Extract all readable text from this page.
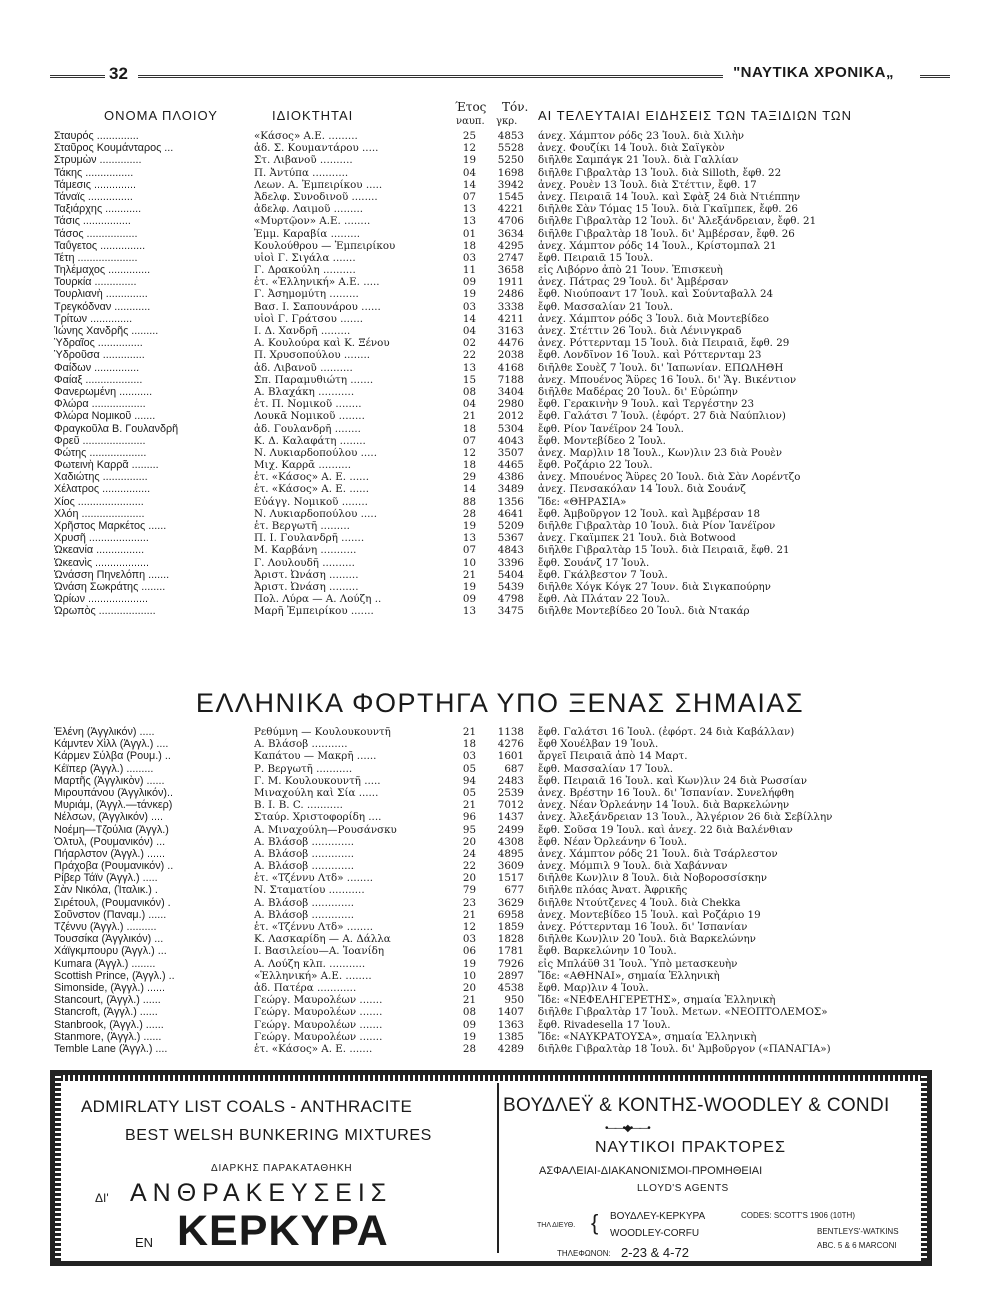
32	"ΝΑΥΤΙΚΑ ΧΡΟΝΙΚΑ„
ΟΝΟΜΑ ΠΛΟΙΟΥ	ΙΔΙΟΚΤΗΤΑΙ
Έτος Τόν.
ναυπ. γκρ. ΑΙ ΤΕΛΕΥΤΑΙΑΙ ΕΙΔΗΣΕΙΣ ΤΩΝ ΤΑΞΙΔΙΩΝ ΤΩΝ
Σταυρός ..............	«Κάσος» Α.Ε. .........	25	4853 άνεχ. Χάμπτον ρόδς 23 Ἰουλ. διὰ Χιλὴν
Σταῦρος Κουμάνταρος ...	ἀδ. Σ. Κουμαντάρου .....	12	5528 ἀνεχ. Φουζίκι 14 Ἰουλ. διὰ Σαϊγκὸν
Στρυμὼν ..............	Στ. Λιβανοῦ ..........	19	5250 διῆλθε Σαμπάγκ 21 Ἰουλ. διὰ Γαλλίαν
Τάκης ................	Π. Ἀντύπα ...........	04	1698 διῆλθε Γιβραλτὰρ 13 Ἰουλ. διὰ Silloth, ἔφθ. 22
Τάμεσις ..............	Λεων. Α. Ἐμπειρίκου .....	14	3942 ἀνεχ. Ρουὲν 13 Ἰουλ. διὰ Στέττιν, ἔφθ. 17
Τάναϊς ...............	Ἀδελφ. Συνοδινοῦ ........	07	1545 ἀνεχ. Πειραιᾶ 14 Ἰουλ. καὶ Σφὰξ 24 διὰ Ντιέππην
Ταξιάρχης ............	ἀδελφ. Λαιμοῦ .........	13	4221 διῆλθε Σὰν Τόμας 15 Ἰουλ. διὰ Γκαϊμπεκ, ἔφθ. 26
Τάσις ................	«Μυρτῷον» Α.Ε. ........	13	4706 διῆλθε Γιβραλτὰρ 12 Ἰουλ. δι' Ἀλεξάνδρειαν, ἔφθ. 21
Τάσος .................	Ἐμμ. Καραβία .........	01	3634 διῆλθε Γιβραλτὰρ 18 Ἰουλ. δι' Ἀμβέρσαν, ἔφθ. 26
Ταΰγετος ...............	Κουλούθρου — Ἐμπειρίκου	18	4295 ἀνεχ. Χάμπτον ρόδς 14 Ἰουλ., Κρίστομπαλ 21
Τέτη ....................	υἱοὶ Γ. Σιγάλα .......	03	2747 ἔφθ. Πειραιᾶ 15 Ἰουλ.
Τηλέμαχος ..............	Γ. Δρακούλη ..........	11	3658 εἰς Λιβόρνο ἀπὸ 21 Ἰουν. Ἐπισκευὴ
Τουρκία ..............	ἑτ. «Ἑλληνική» Α.Ε. .....	09	1911 ἀνεχ. Πάτρας 29 Ἰουλ. δι' Ἀμβέρσαν
Τουρλιανὴ ..............	Γ. Ἀσημομύτη .........	19	2486 ἔφθ. Νιούποαντ 17 Ἰουλ. καὶ Σούνταβαλλ 24
Τρεγκόδναν ............	Βασ. Ι. Σαπουνάρου ......	03	3338 ἔφθ. Μασσαλίαν 21 Ἰουλ.
Τρίτων ..............	υἱοὶ Γ. Γράτσου .......	14	4211 ἀνεχ. Χάμπτον ρόδς 3 Ἰουλ. διὰ Μοντεβίδεο
Ἰώνης Χανδρῆς .........	Ι. Δ. Χανδρῆ .........	04	3163 ἀνεχ. Στέττιν 26 Ἰουλ. διὰ Λένινγκραδ
Ὑδραῖος ...............	Α. Κουλούρα καὶ Κ. Ξένου	02	4476 ἀνεχ. Ρόττερνταμ 15 Ἰουλ. διὰ Πειραιᾶ, ἔφθ. 29
Ὑδροῦσα ..............	Π. Χρυσοπούλου ........	22	2038 ἔφθ. Λονδῖνον 16 Ἰουλ. καὶ Ρόττερνταμ 23
Φαίδων ...............	ἀδ. Λιβανοῦ ..........	13	4168 διῆλθε Σουὲζ 7 Ἰουλ. δι' Ἰαπωνίαν. ΕΠΩΛΗΘΗ
Φαίαξ ...................	Σπ. Παραμυθιώτη .......	15	7188 ἀνεχ. Μπουένος Ἄϋρες 16 Ἰουλ. δι' Ἅγ. Βικέντιον
Φανερωμένη ...........	Α. Βλαχάκη ...........	08	3404 διῆλθε Μαδέρας 20 Ἰουλ. δι' Εὐρώπην
Φλώρα ..................	ἑτ. Π. Νομικοῦ ........	04	2980 ἔφθ. Γερακινὴν 9 Ἰουλ. καὶ Τεργέστην 23
Φλώρα Νομικοῦ .......	Λουκᾶ Νομικοῦ ........	21	2012 ἔφθ. Γαλάτσι 7 Ἰουλ. (ἐφόρτ. 27 διὰ Ναύπλιον)
Φραγκοῦλα Β. Γουλανδρῆ	ἀδ. Γουλανδρῆ ........	18	5304 ἔφθ. Ρίον Ἰανέϊρον 24 Ἰουλ.
Φρεῦ .....................	Κ. Δ. Καλαφάτη ........	07	4043 ἔφθ. Μοντεβίδεο 2 Ἰουλ.
Φώτης ...................	Ν. Λυκιαρδοπούλου .....	12	3507 ἀνεχ. Μαρ)λιν 18 Ἰουλ., Κων)λιν 23 διὰ Ρουὲν
Φωτεινὴ Καρρᾶ .........	Μιχ. Καρρᾶ ..........	18	4465 ἔφθ. Ροζάριο 22 Ἰουλ.
Χαδιώτης ...............	ἑτ. «Κάσος» Α. Ε. ......	29	4386 ἀνεχ. Μπουένος Ἄϋρες 20 Ἰουλ. διὰ Σὰν Λορέντζο
Χέλατρος ................	ἑτ. «Κάσος» Α. Ε. ......	14	3489 ἀνεχ. Πενσακόλαν 14 Ἰουλ. διὰ Σουάνζ
Χίος ......................	Εὐάγγ. Νομικοῦ ........	88	1356 Ἴδε: «ΘΗΡΑΣΙΑ»
Χλόη .....................	Ν. Λυκιαρδοπούλου .....	28	4641 ἔφθ. Ἀμβοῦργον 12 Ἰουλ. καὶ Ἀμβέρσαν 18
Χρῆστος Μαρκέτος ......	ἑτ. Βεργωτῆ .........	19	5209 διῆλθε Γιβραλτὰρ 10 Ἰουλ. διὰ Ρίον Ἰανέϊρον
Χρυσῆ ....................	Π. Ι. Γουλανδρῆ .......	13	5367 ἀνεχ. Γκαϊμπεκ 21 Ἰουλ. διὰ Botwood
Ὠκεανία ................	Μ. Καρβάνη ...........	07	4843 διῆλθε Γιβραλτὰρ 15 Ἰουλ. διὰ Πειραιᾶ, ἔφθ. 21
Ὠκεανὶς ..................	Γ. Λουλουδῆ ..........	10	3396 ἔφθ. Σουάνζ 17 Ἰουλ.
Ὠνάσση Πηνελόπη .......	Ἀριστ. Ὠνάση .........	21	5404 ἔφθ. Γκάλβεστον 7 Ἰουλ.
Ὠνάση Σωκράτης ........	Ἀριστ. Ὠνάση .........	19	5439 διῆλθε Χόγκ Κόγκ 27 Ἰουν. διὰ Σιγκαπούρην
Ὠρίων ....................	Πολ. Λύρα — Α. Λούζη ..	09	4798 ἔφθ. Λὰ Πλάταν 22 Ἰουλ.
Ὠρωπὸς ...................	Μαρῆ Ἐμπειρίκου .......	13	3475 διῆλθε Μοντεβίδεο 20 Ἰουλ. διὰ Ντακάρ
ΕΛΛΗΝΙΚΑ ΦΟΡΤΗΓΑ ΥΠΟ ΞΕΝΑΣ ΣΗΜΑΙΑΣ
Ἐλένη (Ἀγγλικόν) .....	Ρεθύμνη — Κουλουκουντῆ	21	1138 ἔφθ. Γαλάτσι 16 Ἰουλ. (ἐφόρτ. 24 διὰ Καβάλλαν)
Κάμντεν Χὶλλ (Ἀγγλ.) ....	Α. Βλάσοβ ...........	18	4276 ἔφθ Χουέλβαν 19 Ἰουλ.
Κάρμεν Σύλβα (Ρουμ.) ..	Καπάτου — Μακρῆ ......	03	1601 ἄργεῖ Πειραιᾶ ἀπὸ 14 Μαρτ.
Κέϊπερ (Ἀγγλ.) .........	Ρ. Βεργωτῆ ...........	05	687 ἔφθ. Μασσαλίαν 17 Ἰουλ.
Μαρτῆς (Ἀγγλικὸν) ......	Γ. Μ. Κουλουκουντῆ .....	94	2483 ἔφθ. Πειραιᾶ 16 Ἰουλ. καὶ Κων)λιν 24 διὰ Ρωσσίαν
Μιρουπάνου (Ἀγγλικόν)..	Μιναχούλη καὶ Σία ......	05	2539 ἀνεχ. Βρέστην 16 Ἰουλ. δι' Ἰσπανίαν. Συνελήφθη
Μυριάμ, (Ἀγγλ.—τάνκερ)	Β. Ι. Β. C. ...........	21	7012 ἀνεχ. Νέαν Ὀρλεάνην 14 Ἰουλ. διὰ Βαρκελώνην
Νέλσων, (Ἀγγλικόν) ....	Σταύρ. Χριστοφορίδη ....	96	1437 ἀνεχ. Ἀλεξάνδρειαν 13 Ἰουλ., Ἀλγέριον 26 διὰ Σεβίλλην
Νοέμη—Τζούλια (Ἀγγλ.)	Α. Μιναχούλη—Ρουσάνσκυ	95	2499 ἔφθ. Σοῦσα 19 Ἰουλ. καὶ ἀνεχ. 22 διὰ Βαλένθιαν
Ὀλτυλ, (Ρουμανικόν) ...	Α. Βλάσοβ .............	20	4308 ἔφθ. Νέαν Ὀρλεάνην 6 Ἰουλ.
Πήαρλστον (Ἀγγλ.) ......	Α. Βλάσοβ .............	24	4895 ἀνεχ. Χάμπτον ρόδς 21 Ἰουλ. διὰ Τσάρλεστον
Πράχοβα (Ρουμανικόν) ..	Α. Βλάσοβ .............	22	3609 ἀνεχ. Μόμπιλ 9 Ἰουλ. διὰ Χαβάνναν
Ρίβερ Τάϊν (Ἀγγλ.) .....	ἑτ. «Τζέννυ Λτδ» ........	20	1517 διῆλθε Κων)λιν 8 Ἰουλ. διὰ Νοβοροσσίσκην
Σὰν Νικόλα, (Ἰταλικ.) .	Ν. Σταματίου ...........	79	677 διῆλθε πλόας Ἀνατ. Ἀφρικῆς
Σιρέτουλ, (Ρουμανικόν) .	Α. Βλάσοβ .............	23	3629 διῆλθε Ντούτζενες 4 Ἰουλ. διὰ Chekka
Σοῦνστον (Παναμ.) ......	Α. Βλάσοβ .............	21	6958 ἀνεχ. Μοντεβίδεο 15 Ἰουλ. καὶ Ροζάριο 19
Τζέννυ (Ἀγγλ.) ..........	ἑτ. «Τζέννυ Λτδ» ........	12	1859 ἀνεχ. Ρόττερνταμ 16 Ἰουλ. δι' Ἰσπανίαν
Τουσσίκα (Ἀγγλικόν) ...	Κ. Λασκαρίδη — Α. Δάλλα	03	1828 διῆλθε Κων)λιν 20 Ἰουλ. διὰ Βαρκελώνην
Χάϊγκμπουρυ (Ἀγγλ.) ...	Ι. Βασιλείου—Α. Ἰοανίδη	06	1781 ἔφθ. Βαρκελώνην 10 Ἰουλ.
Kumara (Ἀγγλ.) ........	Α. Λούζη κλπ. ...........	19	7926 εἰς Μπλάϋθ 31 Ἰουλ. Ὑπὸ μετασκευὴν
Scottish Prince, (Ἀγγλ.) ..	«Ἑλληνική» Α.Ε. ........	10	2897 Ἴδε: «ΑΘΗΝΑΙ», σημαία Ἑλληνικὴ
Simonside, (Ἀγγλ.) ......	ἀδ. Πατέρα ............	20	4538 ἔφθ. Μαρ)λιν 4 Ἰουλ.
Stancourt, (Ἀγγλ.) ......	Γεώργ. Μαυρολέων .......	21	950 Ἴδε: «ΝΕΦΕΛΗΓΕΡΕΤΗΣ», σημαία Ἑλληνικὴ
Stancroft, (Ἀγγλ.) ......	Γεώργ. Μαυρολέων .......	08	1407 διῆλθε Γιβραλτὰρ 17 Ἰουλ. Μετων. «ΝΕΟΠΤΟΛΕΜΟΣ»
Stanbrook, (Ἀγγλ.) ......	Γεώργ. Μαυρολέων .......	09	1363 ἔφθ. Rivadesella 17 Ἰουλ.
Stanmore, (Ἀγγλ.) ......	Γεώργ. Μαυρολέων .......	19	1385 Ἴδε: «ΝΑΥΚΡΑΤΟΥΣΑ», σημαία Ἑλληνικὴ
Temble Lane (Ἀγγλ.) ....	ἑτ. «Κάσος» Α. Ε. .......	28	4289 διῆλθε Γιβραλτὰρ 18 Ἰουλ. δι' Ἀμβοῦργον («ΠΑΝΑΓΙΑ»)
ADMIRLATY LIST COALS - ANTHRACITE
BEST WELSH BUNKERING MIXTURES
ΔΙΑΡΚΗΣ ΠΑΡΑΚΑΤΑΘΗΚΗ
ΔΙ' ΑΝΘΡΑΚΕΥΣΕΙΣ
ΕΝ ΚΕΡΚΥΡΑ
ΒΟΥΔΛΕΫ & ΚΟΝΤΗΣ-WOODLEY & CONDI
•——•◆•——•
ΝΑΥΤΙΚΟΙ ΠΡΑΚΤΟΡΕΣ
ΑΣΦΑΛΕΙΑΙ-ΔΙΑΚΑΝΟΝΙΣΜΟΙ-ΠΡΟΜΗΘΕΙΑΙ
LLOYD'S AGENTS
ΤΗΛ ΔΙΕΥΘ. { ΒΟΥΔΛΕΥ-ΚΕΡΚΥΡΑ
WOODLEY-CORFU
CODES: SCOTT'S 1906 (10TH)
BENTLEYS'-WATKINS
ABC. 5 & 6 MARCONI
ΤΗΛΕΦΩΝΟΝ: 2-23 & 4-72
